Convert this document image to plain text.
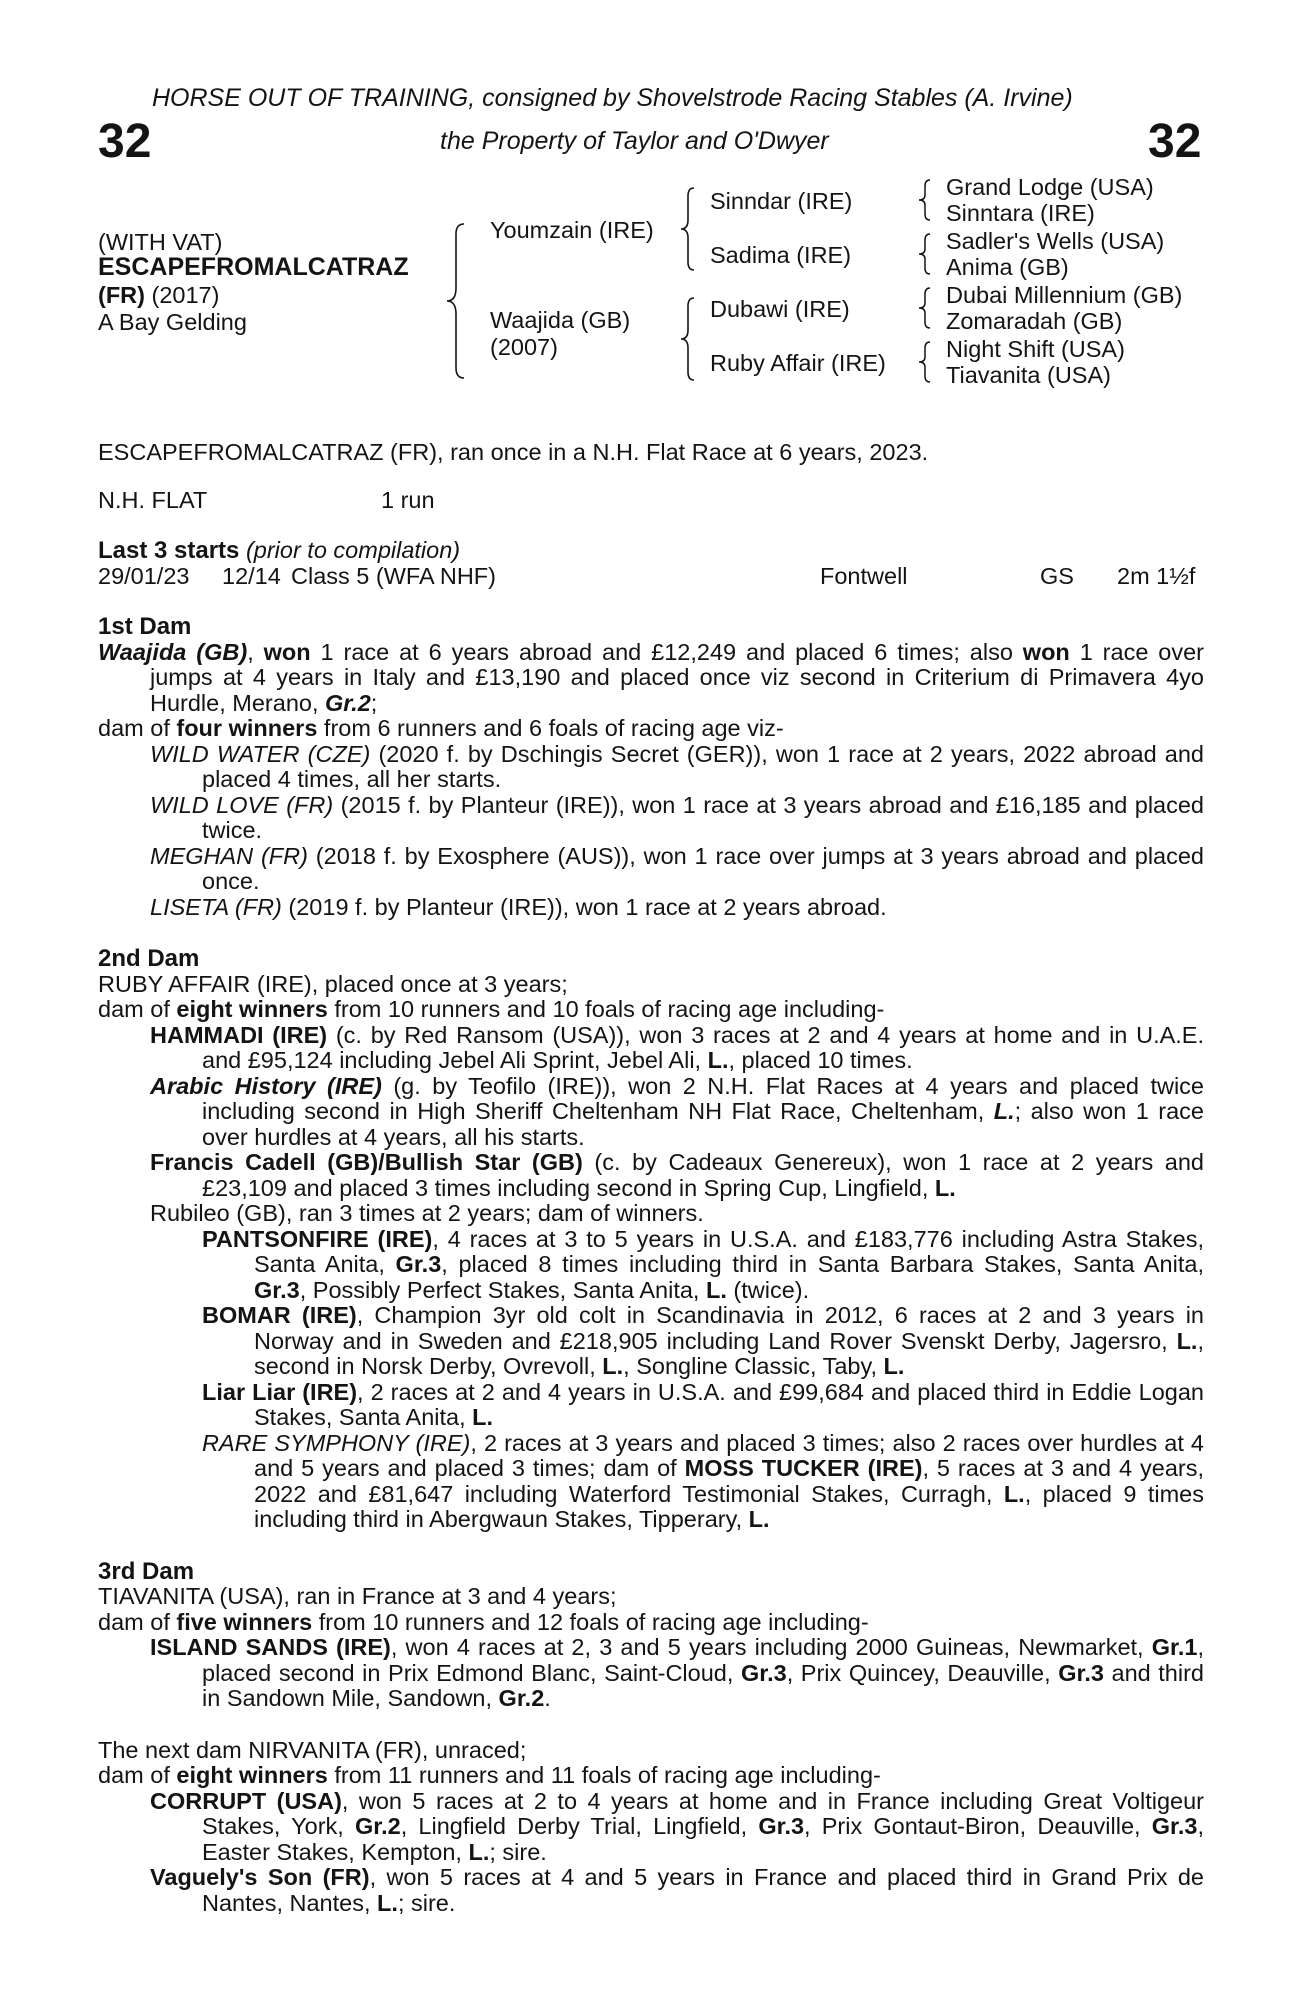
HORSE OUT OF TRAINING, consigned by Shovelstrode Racing Stables (A. Irvine)
the Property of Taylor and O'Dwyer
32	32
(WITH VAT)
ESCAPEFROMALCATRAZ
(FR) (2017)
A Bay Gelding
Youmzain (IRE)
Waajida (GB)
(2007)
Sinndar (IRE)
Sadima (IRE)
Dubawi (IRE)
Ruby Affair (IRE)
Grand Lodge (USA)
Sinntara (IRE)
Sadler's Wells (USA)
Anima (GB)
Dubai Millennium (GB)
Zomaradah (GB)
Night Shift (USA)
Tiavanita (USA)
ESCAPEFROMALCATRAZ (FR), ran once in a N.H. Flat Race at 6 years, 2023.
N.H. FLAT	1 run
Last 3 starts (prior to compilation)
29/01/23 12/14 Class 5 (WFA NHF)	Fontwell	GS 2m 1½f

1st Dam

Waajida (GB), won 1 race at 6 years abroad and £12,249 and placed 6 times; also won 1 race over jumps at 4 years in Italy and £13,190 and placed once viz second in Criterium di Primavera 4yo Hurdle, Merano, Gr.2;

dam of four winners from 6 runners and 6 foals of racing age viz-

WILD WATER (CZE) (2020 f. by Dschingis Secret (GER)), won 1 race at 2 years, 2022 abroad and placed 4 times, all her starts.

WILD LOVE (FR) (2015 f. by Planteur (IRE)), won 1 race at 3 years abroad and £16,185 and placed twice.

MEGHAN (FR) (2018 f. by Exosphere (AUS)), won 1 race over jumps at 3 years abroad and placed once.

LISETA (FR) (2019 f. by Planteur (IRE)), won 1 race at 2 years abroad.

2nd Dam

RUBY AFFAIR (IRE), placed once at 3 years;

dam of eight winners from 10 runners and 10 foals of racing age including-

HAMMADI (IRE) (c. by Red Ransom (USA)), won 3 races at 2 and 4 years at home and in U.A.E. and £95,124 including Jebel Ali Sprint, Jebel Ali, L., placed 10 times.

Arabic History (IRE) (g. by Teofilo (IRE)), won 2 N.H. Flat Races at 4 years and placed twice including second in High Sheriff Cheltenham NH Flat Race, Cheltenham, L.; also won 1 race over hurdles at 4 years, all his starts.

Francis Cadell (GB)/Bullish Star (GB) (c. by Cadeaux Genereux), won 1 race at 2 years and £23,109 and placed 3 times including second in Spring Cup, Lingfield, L.

Rubileo (GB), ran 3 times at 2 years; dam of winners.

PANTSONFIRE (IRE), 4 races at 3 to 5 years in U.S.A. and £183,776 including Astra Stakes, Santa Anita, Gr.3, placed 8 times including third in Santa Barbara Stakes, Santa Anita, Gr.3, Possibly Perfect Stakes, Santa Anita, L. (twice).

BOMAR (IRE), Champion 3yr old colt in Scandinavia in 2012, 6 races at 2 and 3 years in Norway and in Sweden and £218,905 including Land Rover Svenskt Derby, Jagersro, L., second in Norsk Derby, Ovrevoll, L., Songline Classic, Taby, L.

Liar Liar (IRE), 2 races at 2 and 4 years in U.S.A. and £99,684 and placed third in Eddie Logan Stakes, Santa Anita, L.

RARE SYMPHONY (IRE), 2 races at 3 years and placed 3 times; also 2 races over hurdles at 4 and 5 years and placed 3 times; dam of MOSS TUCKER (IRE), 5 races at 3 and 4 years, 2022 and £81,647 including Waterford Testimonial Stakes, Curragh, L., placed 9 times including third in Abergwaun Stakes, Tipperary, L.

3rd Dam

TIAVANITA (USA), ran in France at 3 and 4 years;

dam of five winners from 10 runners and 12 foals of racing age including-

ISLAND SANDS (IRE), won 4 races at 2, 3 and 5 years including 2000 Guineas, Newmarket, Gr.1, placed second in Prix Edmond Blanc, Saint-Cloud, Gr.3, Prix Quincey, Deauville, Gr.3 and third in Sandown Mile, Sandown, Gr.2.

The next dam NIRVANITA (FR), unraced;

dam of eight winners from 11 runners and 11 foals of racing age including-

CORRUPT (USA), won 5 races at 2 to 4 years at home and in France including Great Voltigeur Stakes, York, Gr.2, Lingfield Derby Trial, Lingfield, Gr.3, Prix Gontaut-Biron, Deauville, Gr.3, Easter Stakes, Kempton, L.; sire.

Vaguely's Son (FR), won 5 races at 4 and 5 years in France and placed third in Grand Prix de Nantes, Nantes, L.; sire.
